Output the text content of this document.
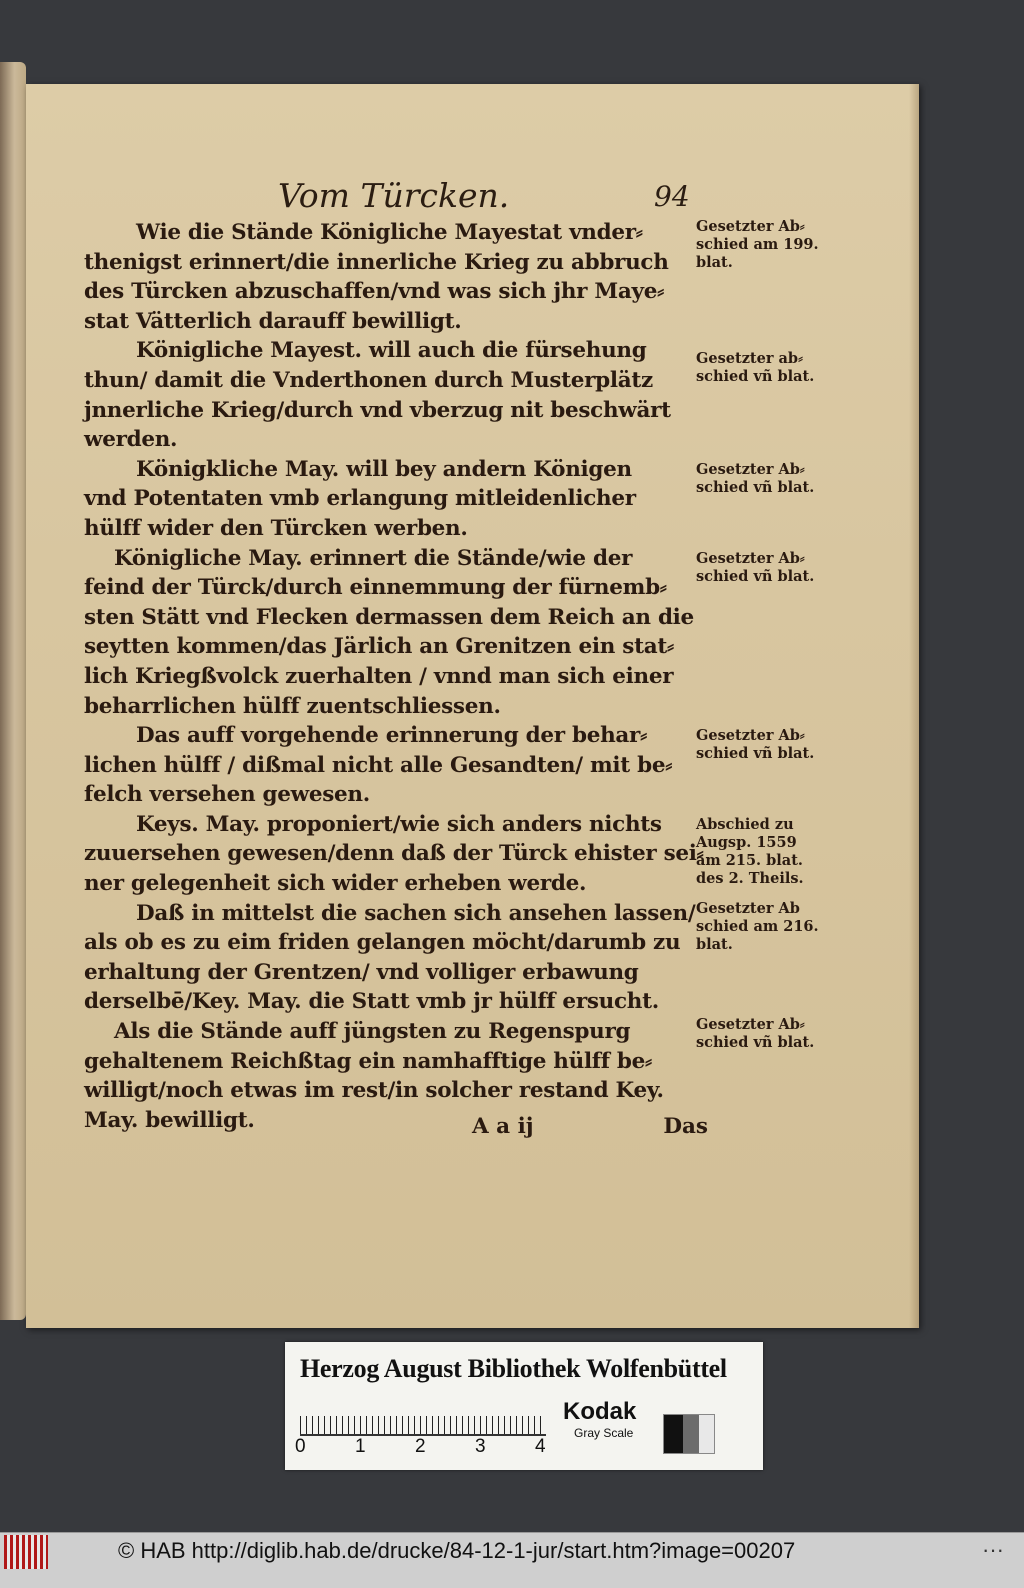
Vom Türcken.	94
Wie die Stände Königliche Mayestat vnder⸗
thenigst erinnert/die innerliche Krieg zu abbruch
des Türcken abzuschaffen/vnd was sich jhr Maye⸗
stat Vätterlich darauff bewilligt.
Königliche Mayest. will auch die fürsehung
thun/ damit die Vnderthonen durch Musterplätz
jnnerliche Krieg/durch vnd vberzug nit beschwärt
werden.
Königkliche May. will bey andern Königen
vnd Potentaten vmb erlangung mitleidenlicher
hülff wider den Türcken werben.
Königliche May. erinnert die Stände/wie der
feind der Türck/durch einnemmung der fürnemb⸗
sten Stätt vnd Flecken dermassen dem Reich an die
seytten kommen/das Järlich an Grenitzen ein stat⸗
lich Kriegßvolck zuerhalten / vnnd man sich einer
beharrlichen hülff zuentschliessen.
Das auff vorgehende erinnerung der behar⸗
lichen hülff / dißmal nicht alle Gesandten/ mit be⸗
felch versehen gewesen.
Keys. May. proponiert/wie sich anders nichts
zuuersehen gewesen/denn daß der Türck ehister sei⸗
ner gelegenheit sich wider erheben werde.
Daß in mittelst die sachen sich ansehen lassen/
als ob es zu eim friden gelangen möcht/darumb zu
erhaltung der Grentzen/ vnd volliger erbawung
derselbē/Key. May. die Statt vmb jr hülff ersucht.
Als die Stände auff jüngsten zu Regenspurg
gehaltenem Reichßtag ein namhafftige hülff be⸗
willigt/noch etwas im rest/in solcher restand Key.
May. bewilligt.
Gesetzter Ab⸗
schied am 199.
blat.
Gesetzter ab⸗
schied vñ blat.
Gesetzter Ab⸗
schied vñ blat.
Gesetzter Ab⸗
schied vñ blat.
Gesetzter Ab⸗
schied vñ blat.
Abschied zu
Augsp. 1559
am 215. blat.
des 2. Theils.
Gesetzter Ab
schied am 216.
blat.
Gesetzter Ab⸗
schied vñ blat.
A a ij	Das
Herzog August Bibliothek Wolfenbüttel
0	1	2	3	4
Kodak
Gray Scale
© HAB http://diglib.hab.de/drucke/84-12-1-jur/start.htm?image=00207	···
